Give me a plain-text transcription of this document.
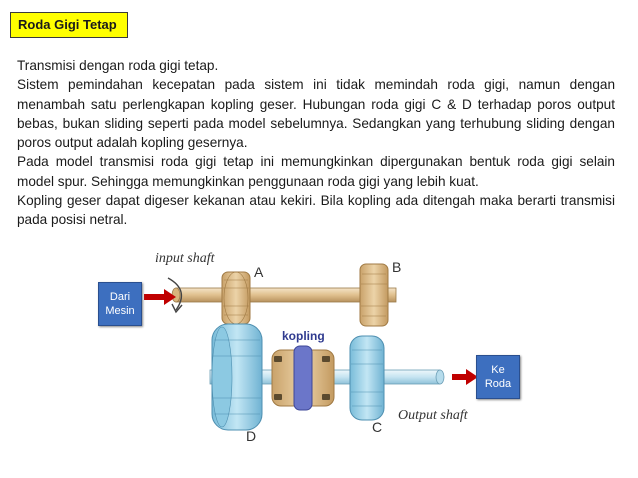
Roda Gigi Tetap

Transmisi dengan roda gigi tetap.

Sistem pemindahan kecepatan pada sistem ini tidak memindah roda gigi, namun dengan menambah satu perlengkapan kopling geser. Hubungan roda gigi C & D terhadap poros output bebas, bukan sliding seperti pada model sebelumnya. Sedangkan yang terhubung sliding dengan poros output adalah kopling gesernya.

Pada model transmisi roda gigi tetap ini memungkinkan dipergunakan bentuk roda gigi selain model spur. Sehingga memungkinkan penggunaan roda gigi yang lebih kuat.

Kopling geser dapat digeser kekanan atau kekiri. Bila kopling ada ditengah maka berarti transmisi pada posisi netral.

input shaft
Output shaft
kopling
A	B
C
D
Dari
Mesin
Ke
Roda
